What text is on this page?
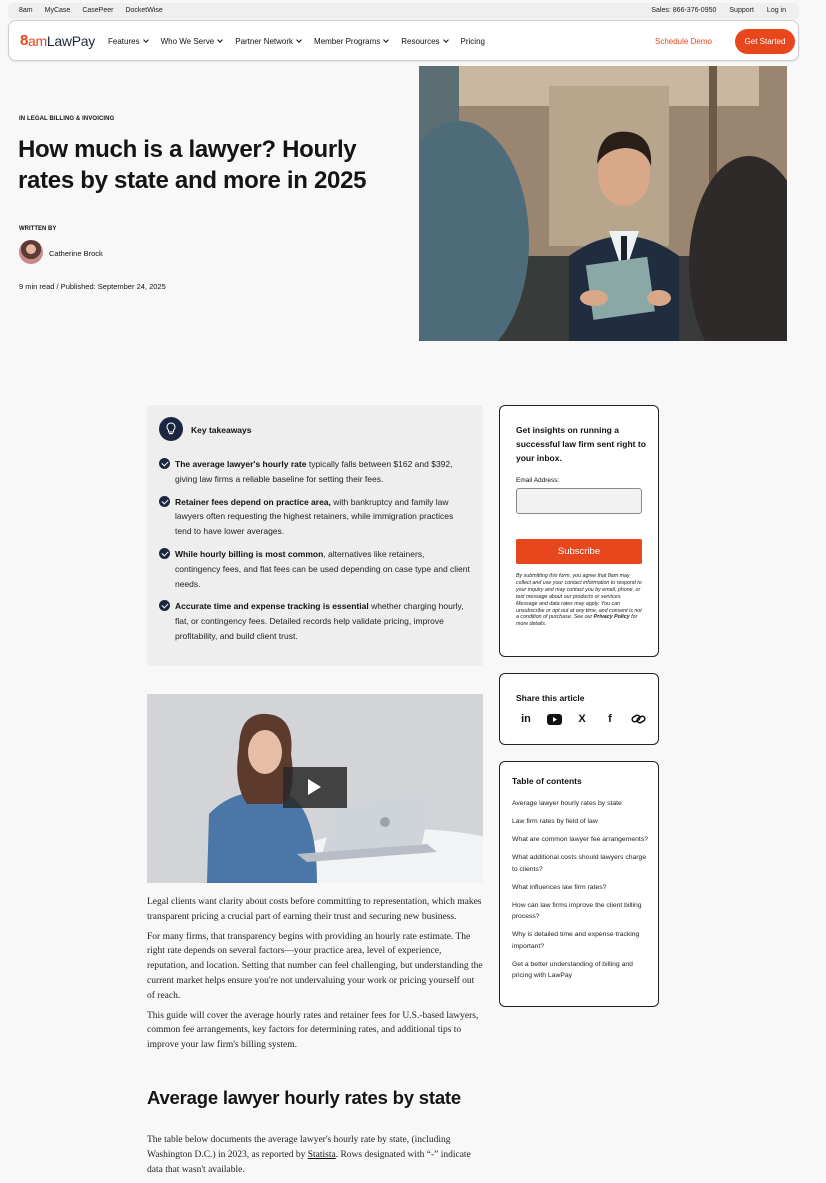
8am MyCase CasePeer DocketWise	Sales: 866-376-0950 Support Log in
8 am LawPay Features	Who We Serve	Partner Network	Member Programs	Resources	Pricing	Schedule Demo	Get Started
IN LEGAL BILLING & INVOICING
How much is a lawyer? Hourly rates by state and more in 2025
WRITTEN BY
Catherine Brock
9 min read / Published: September 24, 2025
Key takeaways
The average lawyer's hourly rate typically falls between $162 and $392, giving law firms a reliable baseline for setting their fees.
Retainer fees depend on practice area, with bankruptcy and family law lawyers often requesting the highest retainers, while immigration practices tend to have lower averages.
While hourly billing is most common, alternatives like retainers, contingency fees, and flat fees can be used depending on case type and client needs.
Accurate time and expense tracking is essential whether charging hourly, flat, or contingency fees. Detailed records help validate pricing, improve profitability, and build client trust.

Legal clients want clarity about costs before committing to representation, which makes transparent pricing a crucial part of earning their trust and securing new business.

For many firms, that transparency begins with providing an hourly rate estimate. The right rate depends on several factors—your practice area, level of experience, reputation, and location. Setting that number can feel challenging, but understanding the current market helps ensure you're not undervaluing your work or pricing yourself out of reach.

This guide will cover the average hourly rates and retainer fees for U.S.-based lawyers, common fee arrangements, key factors for determining rates, and additional tips to improve your law firm's billing system.

Average lawyer hourly rates by state
The table below documents the average lawyer's hourly rate by state, (including Washington D.C.) in 2023, as reported by Statista. Rows designated with “-” indicate data that wasn't available.
Get insights on running a successful law firm sent right to your inbox.
Email Address:
Subscribe
By submitting this form, you agree that 8am may collect and use your contact information to respond to your inquiry and may contact you by email, phone, or text message about our products or services. Message and data rates may apply. You can unsubscribe or opt out at any time, and consent is not a condition of purchase. See our Privacy Policy for more details.
Share this article
in	X	f
Table of contents
Average lawyer hourly rates by state
Law firm rates by field of law
What are common lawyer fee arrangements?
What additional costs should lawyers charge to clients?
What influences law firm rates?
How can law firms improve the client billing process?
Why is detailed time and expense tracking important?
Get a better understanding of billing and pricing with LawPay
